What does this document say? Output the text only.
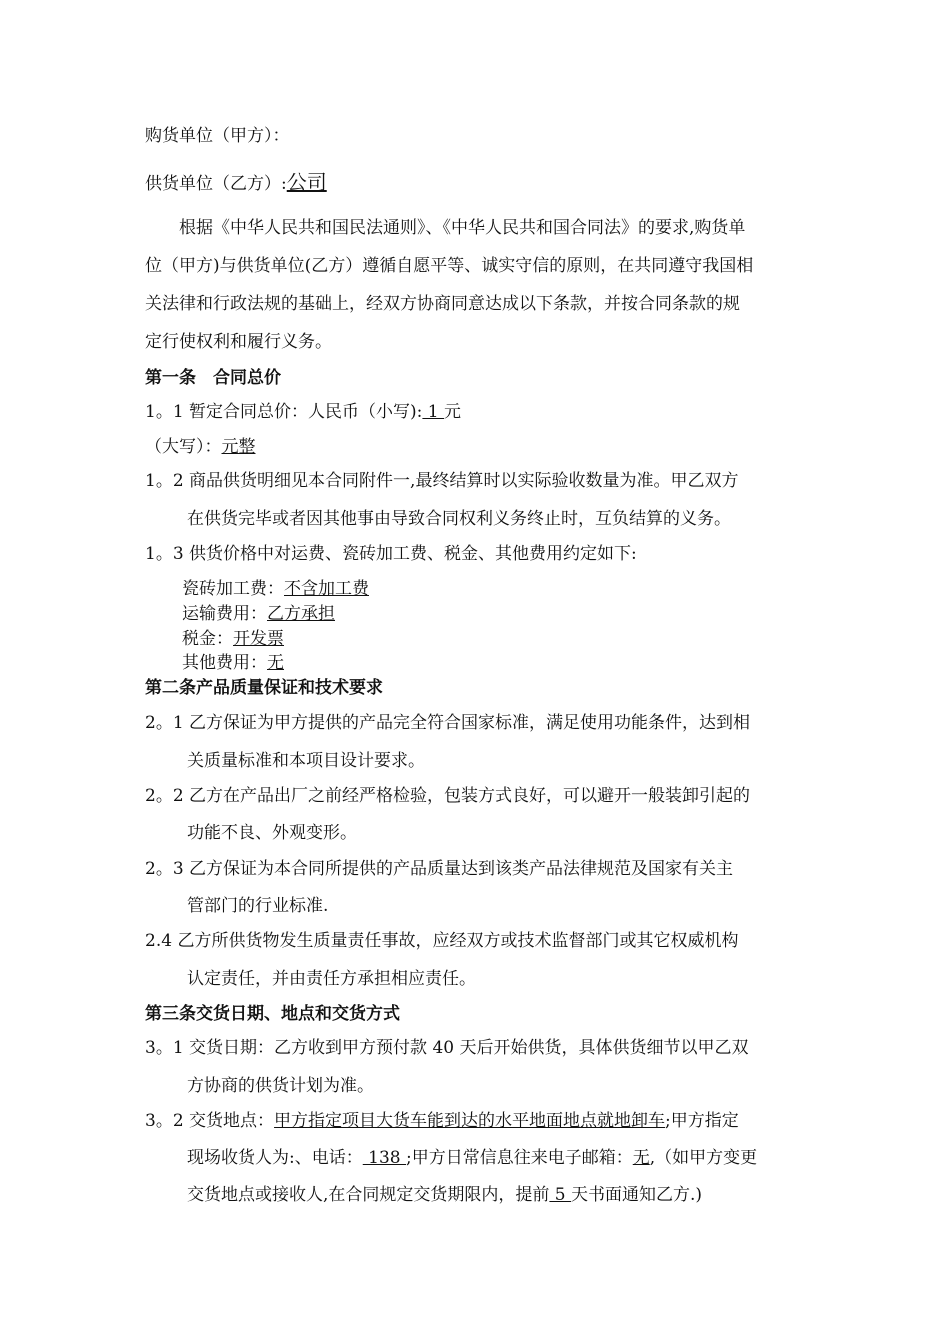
购货单位（甲方）：
供货单位（乙方）:公司
根据《中华人民共和国民法通则》、《中华人民共和国合同法》的要求,购货单
位（甲方)与供货单位(乙方）遵循自愿平等、诚实守信的原则，在共同遵守我国相
关法律和行政法规的基础上，经双方协商同意达成以下条款，并按合同条款的规
定行使权利和履行义务。
第一条　合同总价
1。1 暂定合同总价：人民币（小写): 1 元
（大写）：元整
1。2 商品供货明细见本合同附件一,最终结算时以实际验收数量为准。甲乙双方
在供货完毕或者因其他事由导致合同权利义务终止时，互负结算的义务。
1。3 供货价格中对运费、瓷砖加工费、税金、其他费用约定如下:
瓷砖加工费：不含加工费
运输费用：乙方承担
税金：开发票
其他费用：无
第二条产品质量保证和技术要求
2。1 乙方保证为甲方提供的产品完全符合国家标准，满足使用功能条件，达到相
关质量标准和本项目设计要求。
2。2 乙方在产品出厂之前经严格检验，包装方式良好，可以避开一般装卸引起的
功能不良、外观变形。
2。3 乙方保证为本合同所提供的产品质量达到该类产品法律规范及国家有关主
管部门的行业标准.
2.4 乙方所供货物发生质量责任事故，应经双方或技术监督部门或其它权威机构
认定责任，并由责任方承担相应责任。
第三条交货日期、地点和交货方式
3。1 交货日期：乙方收到甲方预付款 40 天后开始供货，具体供货细节以甲乙双
方协商的供货计划为准。
3。2 交货地点：甲方指定项目大货车能到达的水平地面地点就地卸车;甲方指定
现场收货人为:、电话： 138 ;甲方日常信息往来电子邮箱：无,（如甲方变更
交货地点或接收人,在合同规定交货期限内，提前 5 天书面通知乙方.)
